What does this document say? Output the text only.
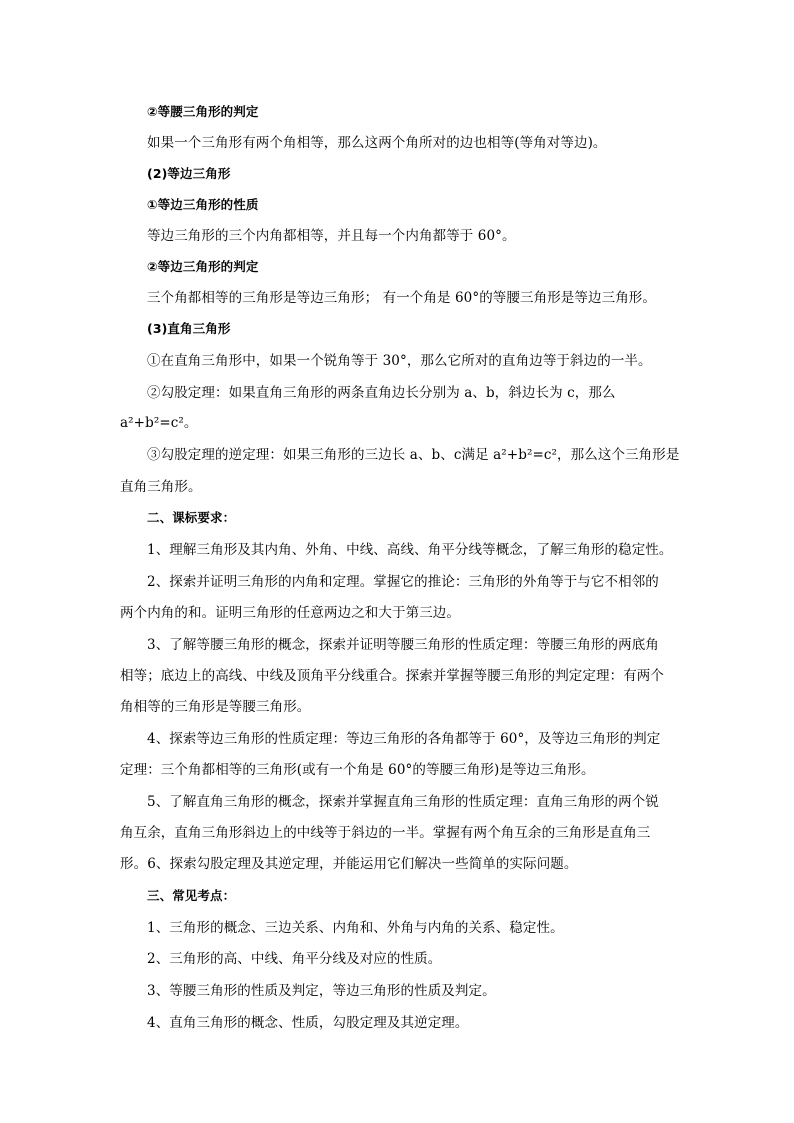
②等腰三角形的判定
如果一个三角形有两个角相等，那么这两个角所对的边也相等(等角对等边)。
(2)等边三角形
①等边三角形的性质
等边三角形的三个内角都相等，并且每一个内角都等于 60°。
②等边三角形的判定
三个角都相等的三角形是等边三角形； 有一个角是 60°的等腰三角形是等边三角形。
(3)直角三角形
①在直角三角形中，如果一个锐角等于 30°，那么它所对的直角边等于斜边的一半。
②勾股定理：如果直角三角形的两条直角边长分别为 a、b，斜边长为 c，那么
a²+b²=c²。
③勾股定理的逆定理：如果三角形的三边长 a、b、c满足 a²+b²=c²，那么这个三角形是
直角三角形。
二、课标要求：
1、理解三角形及其内角、外角、中线、高线、角平分线等概念，了解三角形的稳定性。
2、探索并证明三角形的内角和定理。掌握它的推论：三角形的外角等于与它不相邻的
两个内角的和。证明三角形的任意两边之和大于第三边。
3、了解等腰三角形的概念，探索并证明等腰三角形的性质定理：等腰三角形的两底角
相等；底边上的高线、中线及顶角平分线重合。探索并掌握等腰三角形的判定定理：有两个
角相等的三角形是等腰三角形。
4、探索等边三角形的性质定理：等边三角形的各角都等于 60°，及等边三角形的判定
定理：三个角都相等的三角形(或有一个角是 60°的等腰三角形)是等边三角形。
5、了解直角三角形的概念，探索并掌握直角三角形的性质定理：直角三角形的两个锐
角互余，直角三角形斜边上的中线等于斜边的一半。掌握有两个角互余的三角形是直角三
形。6、探索勾股定理及其逆定理，并能运用它们解决一些简单的实际问题。
三、常见考点：
1、三角形的概念、三边关系、内角和、外角与内角的关系、稳定性。
2、三角形的高、中线、角平分线及对应的性质。
3、等腰三角形的性质及判定，等边三角形的性质及判定。
4、直角三角形的概念、性质，勾股定理及其逆定理。
